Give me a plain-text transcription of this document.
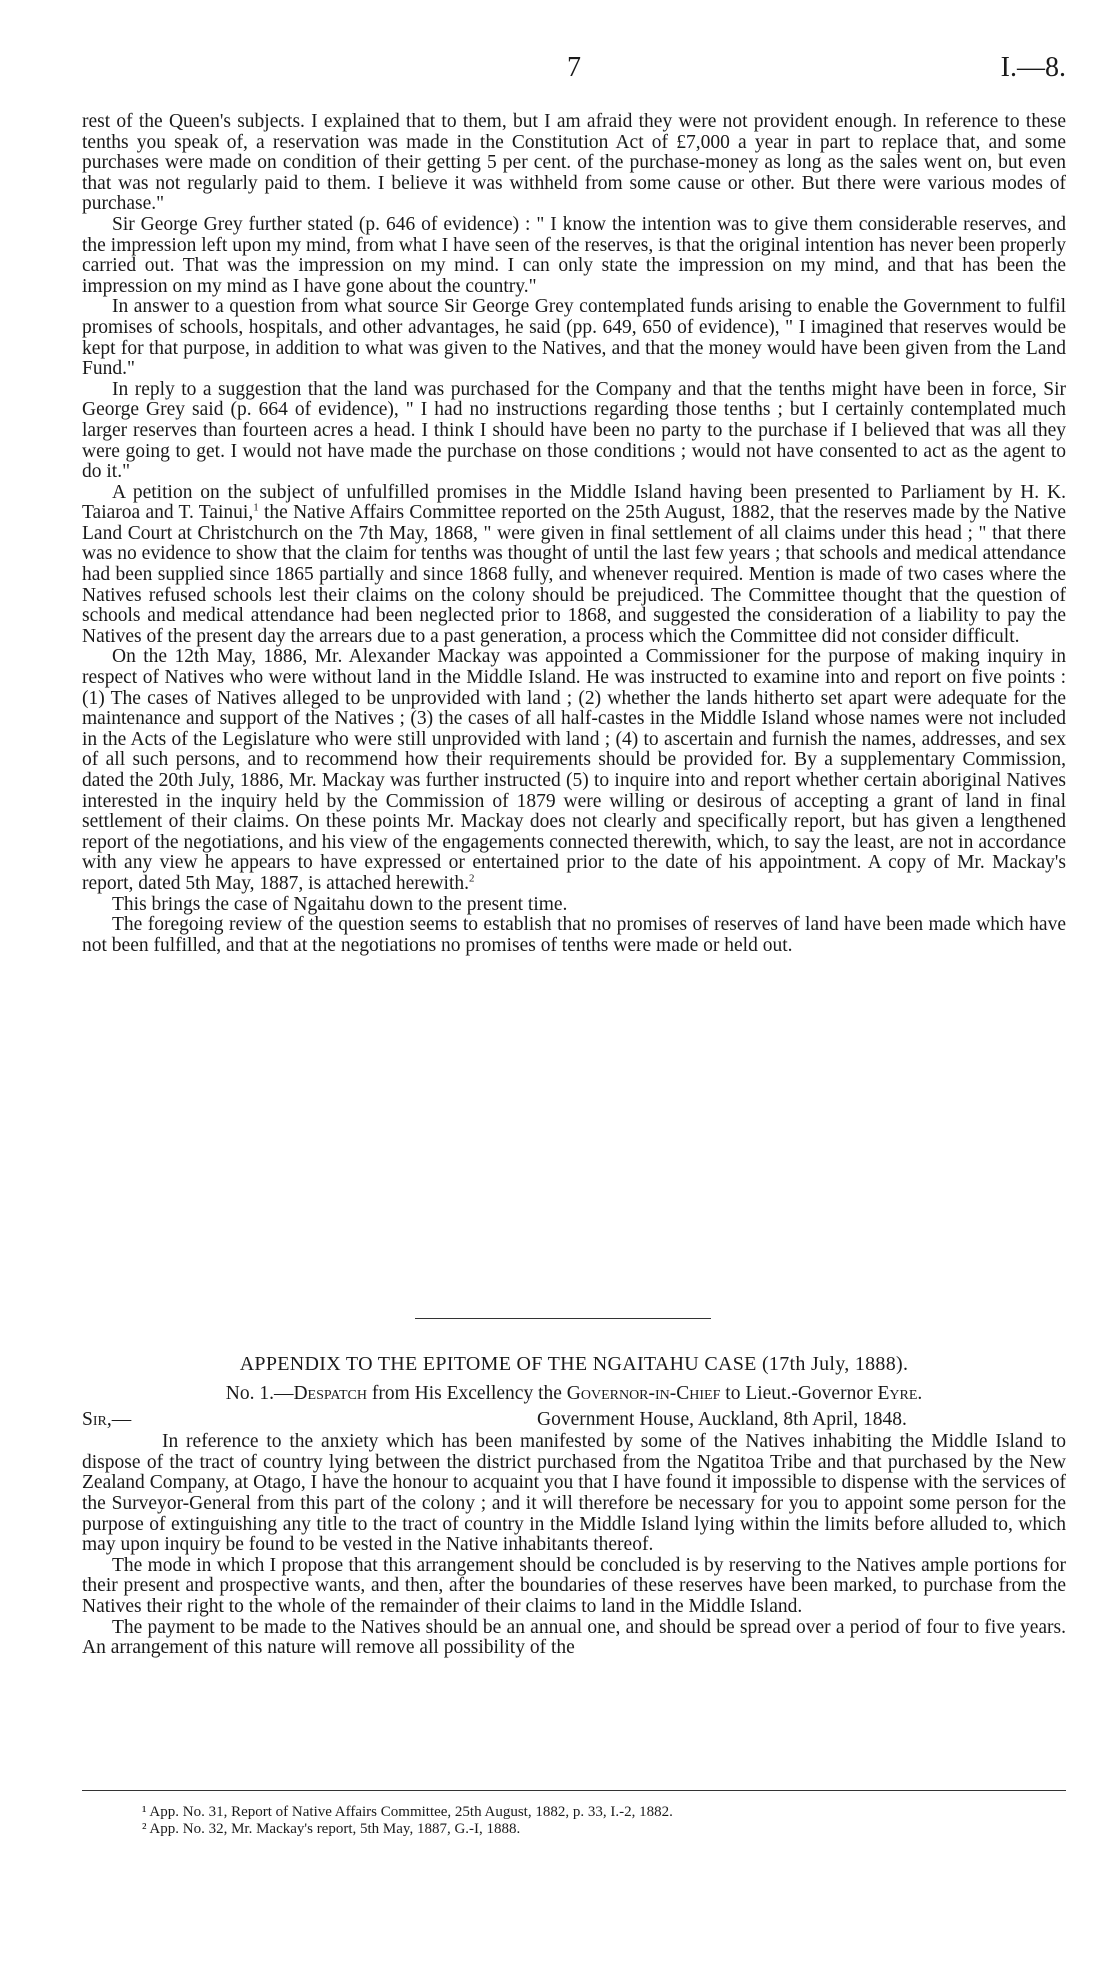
7	I.—8.

rest of the Queen's subjects. I explained that to them, but I am afraid they were not provident enough. In reference to these tenths you speak of, a reservation was made in the Constitution Act of £7,000 a year in part to replace that, and some purchases were made on condition of their getting 5 per cent. of the purchase-money as long as the sales went on, but even that was not regularly paid to them. I believe it was withheld from some cause or other. But there were various modes of purchase."

Sir George Grey further stated (p. 646 of evidence) : " I know the intention was to give them considerable reserves, and the impression left upon my mind, from what I have seen of the reserves, is that the original intention has never been properly carried out. That was the impression on my mind. I can only state the impression on my mind, and that has been the impression on my mind as I have gone about the country."

In answer to a question from what source Sir George Grey contemplated funds arising to enable the Government to fulfil promises of schools, hospitals, and other advantages, he said (pp. 649, 650 of evidence), " I imagined that reserves would be kept for that purpose, in addition to what was given to the Natives, and that the money would have been given from the Land Fund."

In reply to a suggestion that the land was purchased for the Company and that the tenths might have been in force, Sir George Grey said (p. 664 of evidence), " I had no instructions regarding those tenths ; but I certainly contemplated much larger reserves than fourteen acres a head. I think I should have been no party to the purchase if I believed that was all they were going to get. I would not have made the purchase on those conditions ; would not have consented to act as the agent to do it."

A petition on the subject of unfulfilled promises in the Middle Island having been presented to Parliament by H. K. Taiaroa and T. Tainui,$^1$ the Native Affairs Committee reported on the 25th August, 1882, that the reserves made by the Native Land Court at Christchurch on the 7th May, 1868, " were given in final settlement of all claims under this head ; " that there was no evidence to show that the claim for tenths was thought of until the last few years ; that schools and medical attendance had been supplied since 1865 partially and since 1868 fully, and whenever required. Mention is made of two cases where the Natives refused schools lest their claims on the colony should be prejudiced. The Committee thought that the question of schools and medical attendance had been neglected prior to 1868, and suggested the consideration of a liability to pay the Natives of the present day the arrears due to a past generation, a process which the Committee did not consider difficult.

On the 12th May, 1886, Mr. Alexander Mackay was appointed a Commissioner for the purpose of making inquiry in respect of Natives who were without land in the Middle Island. He was instructed to examine into and report on five points : (1) The cases of Natives alleged to be unprovided with land ; (2) whether the lands hitherto set apart were adequate for the maintenance and support of the Natives ; (3) the cases of all half-castes in the Middle Island whose names were not included in the Acts of the Legislature who were still unprovided with land ; (4) to ascertain and furnish the names, addresses, and sex of all such persons, and to recommend how their requirements should be provided for. By a supplementary Commission, dated the 20th July, 1886, Mr. Mackay was further instructed (5) to inquire into and report whether certain aboriginal Natives interested in the inquiry held by the Commission of 1879 were willing or desirous of accepting a grant of land in final settlement of their claims. On these points Mr. Mackay does not clearly and specifically report, but has given a lengthened report of the negotiations, and his view of the engagements connected therewith, which, to say the least, are not in accordance with any view he appears to have expressed or entertained prior to the date of his appointment. A copy of Mr. Mackay's report, dated 5th May, 1887, is attached herewith.$^2$

This brings the case of Ngaitahu down to the present time.

The foregoing review of the question seems to establish that no promises of reserves of land have been made which have not been fulfilled, and that at the negotiations no promises of tenths were made or held out.

APPENDIX TO THE EPITOME OF THE NGAITAHU CASE (17th July, 1888).
No. 1.—Despatch from His Excellency the Governor-in-Chief to Lieut.-Governor Eyre.
Sir,—	Government House, Auckland, 8th April, 1848.

In reference to the anxiety which has been manifested by some of the Natives inhabiting the Middle Island to dispose of the tract of country lying between the district purchased from the Ngatitoa Tribe and that purchased by the New Zealand Company, at Otago, I have the honour to acquaint you that I have found it impossible to dispense with the services of the Surveyor-General from this part of the colony ; and it will therefore be necessary for you to appoint some person for the purpose of extinguishing any title to the tract of country in the Middle Island lying within the limits before alluded to, which may upon inquiry be found to be vested in the Native inhabitants thereof.

The mode in which I propose that this arrangement should be concluded is by reserving to the Natives ample portions for their present and prospective wants, and then, after the boundaries of these reserves have been marked, to purchase from the Natives their right to the whole of the remainder of their claims to land in the Middle Island.

The payment to be made to the Natives should be an annual one, and should be spread over a period of four to five years. An arrangement of this nature will remove all possibility of the

¹ App. No. 31, Report of Native Affairs Committee, 25th August, 1882, p. 33, I.-2, 1882.
² App. No. 32, Mr. Mackay's report, 5th May, 1887, G.-I, 1888.
